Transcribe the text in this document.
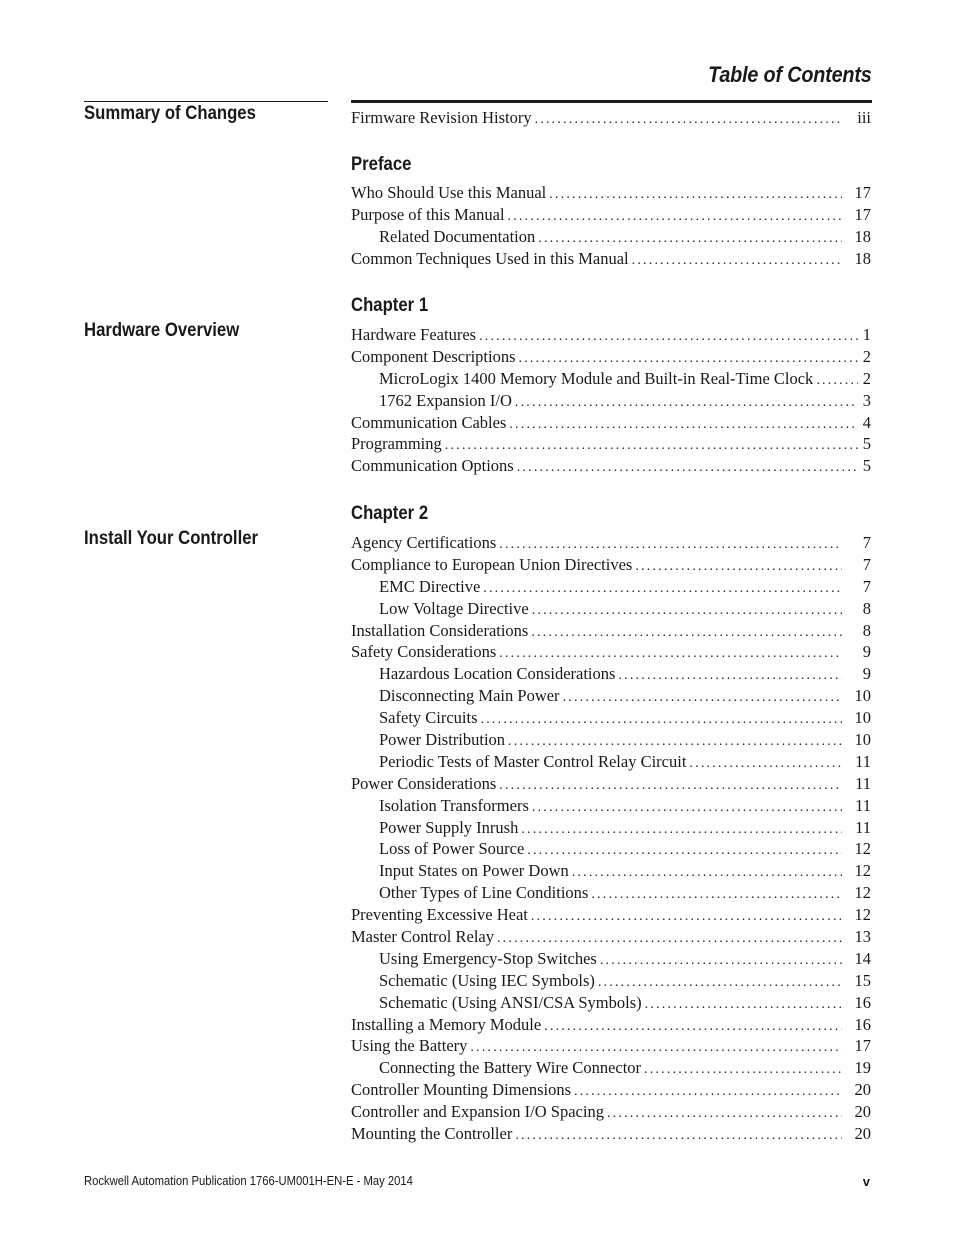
Table of Contents
Summary of Changes	Firmware Revision History .....	iii
Preface
Who Should Use this Manual .....	17
Purpose of this Manual .....	17
Related Documentation .....	18
Common Techniques Used in this Manual .....	18
Chapter 1
Hardware Overview	Hardware Features .....	1
Component Descriptions .....	2
MicroLogix 1400 Memory Module and Built-in Real-Time Clock .....	2
1762 Expansion I/O .....	3
Communication Cables .....	4
Programming .....	5
Communication Options .....	5
Chapter 2
Install Your Controller	Agency Certifications .....	7
Compliance to European Union Directives .....	7
EMC Directive .....	7
Low Voltage Directive .....	8
Installation Considerations .....	8
Safety Considerations .....	9
Hazardous Location Considerations .....	9
Disconnecting Main Power .....	10
Safety Circuits .....	10
Power Distribution .....	10
Periodic Tests of Master Control Relay Circuit .....	11
Power Considerations .....	11
Isolation Transformers .....	11
Power Supply Inrush .....	11
Loss of Power Source .....	12
Input States on Power Down .....	12
Other Types of Line Conditions .....	12
Preventing Excessive Heat .....	12
Master Control Relay .....	13
Using Emergency-Stop Switches .....	14
Schematic (Using IEC Symbols) .....	15
Schematic (Using ANSI/CSA Symbols) .....	16
Installing a Memory Module .....	16
Using the Battery .....	17
Connecting the Battery Wire Connector .....	19
Controller Mounting Dimensions .....	20
Controller and Expansion I/O Spacing .....	20
Mounting the Controller .....	20
Rockwell Automation Publication 1766-UM001H-EN-E - May 2014	v
